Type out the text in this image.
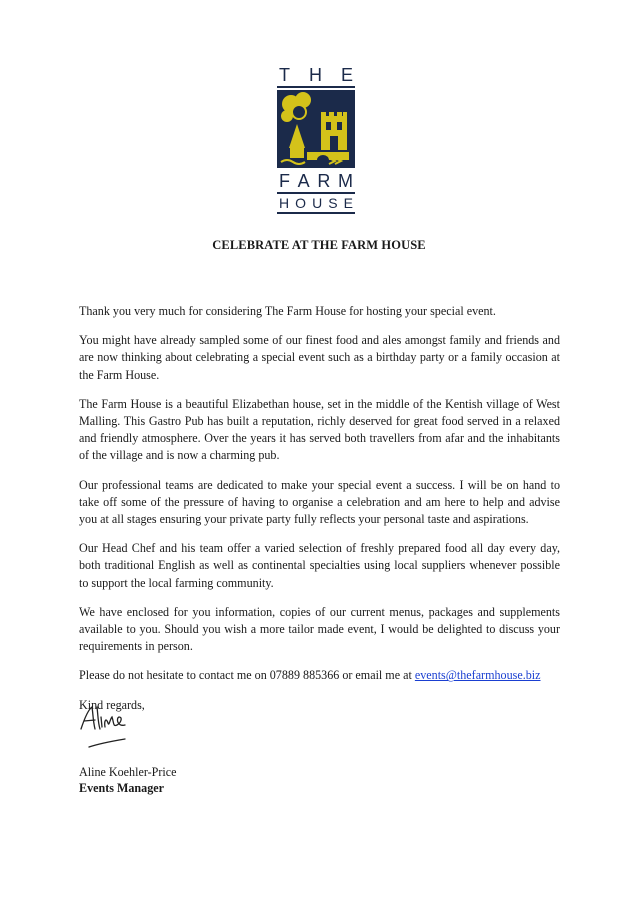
T H E
F A R M
H O U S E
CELEBRATE AT THE FARM HOUSE

Thank you very much for considering The Farm House for hosting your special event.

You might have already sampled some of our finest food and ales amongst family and friends and are now thinking about celebrating a special event such as a birthday party or a family occasion at the Farm House.

The Farm House is a beautiful Elizabethan house, set in the middle of the Kentish village of West Malling. This Gastro Pub has built a reputation, richly deserved for great food served in a relaxed and friendly atmosphere. Over the years it has served both travellers from afar and the inhabitants of the village and is now a charming pub.

Our professional teams are dedicated to make your special event a success. I will be on hand to take off some of the pressure of having to organise a celebration and am here to help and advise you at all stages ensuring your private party fully reflects your personal taste and aspirations.

Our Head Chef and his team offer a varied selection of freshly prepared food all day every day, both traditional English as well as continental specialties using local suppliers whenever possible to support the local farming community.

We have enclosed for you information, copies of our current menus, packages and supplements available to you. Should you wish a more tailor made event, I would be delighted to discuss your requirements in person.

Please do not hesitate to contact me on 07889 885366 or email me at events@thefarmhouse.biz

Kind regards,

Aline Koehler-Price
Events Manager
